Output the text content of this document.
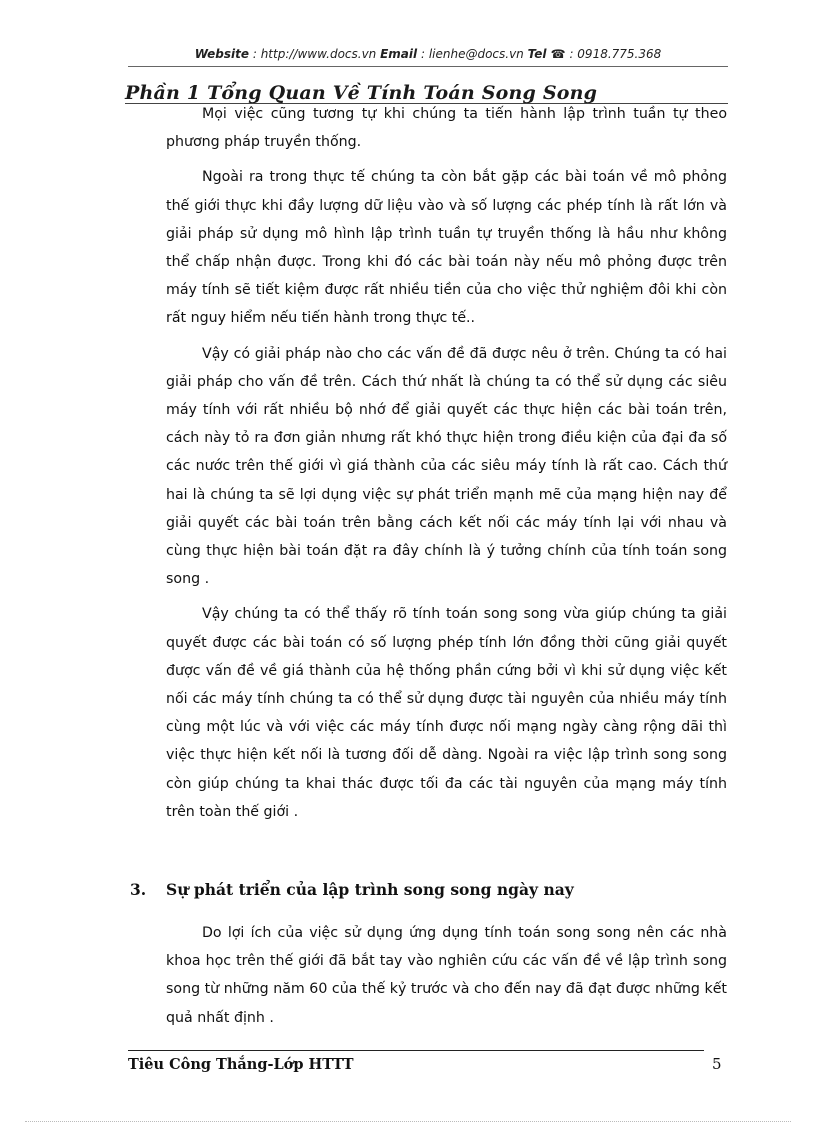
Website : http://www.docs.vn Email : lienhe@docs.vn Tel ☎ : 0918.775.368
Phần 1 Tổng Quan Về Tính Toán Song Song

Mọi việc cũng tương tự khi chúng ta tiến hành lập trình tuần tự theo phương pháp truyền thống.

Ngoài ra trong thực tế chúng ta còn bắt gặp các bài toán về mô phỏng thế giới thực khi đầy lượng dữ liệu vào và số lượng các phép tính là rất lớn và giải pháp sử dụng mô hình lập trình tuần tự truyền thống là hầu như không thể chấp nhận được. Trong khi đó các bài toán này nếu mô phỏng được trên máy tính sẽ tiết kiệm được rất nhiều tiền của cho việc thử nghiệm đôi khi còn rất nguy hiểm nếu tiến hành trong thực tế..

Vậy có giải pháp nào cho các vấn đề đã được nêu ở trên. Chúng ta có hai giải pháp cho vấn đề trên. Cách thứ nhất là chúng ta có thể sử dụng các siêu máy tính với rất nhiều bộ nhớ để giải quyết các thực hiện các bài toán trên, cách này tỏ ra đơn giản nhưng rất khó thực hiện trong điều kiện của đại đa số các nước trên thế giới vì giá thành của các siêu máy tính là rất cao. Cách thứ hai là chúng ta sẽ lợi dụng việc sự phát triển mạnh mẽ của mạng hiện nay để giải quyết các bài toán trên bằng cách kết nối các máy tính lại với nhau và cùng thực hiện bài toán đặt ra đây chính là ý tưởng chính của tính toán song song .

Vậy chúng ta có thể thấy rõ tính toán song song vừa giúp chúng ta giải quyết được các bài toán có số lượng phép tính lớn đồng thời cũng giải quyết được vấn đề về giá thành của hệ thống phần cứng bởi vì khi sử dụng việc kết nối các máy tính chúng ta có thể sử dụng được tài nguyên của nhiều máy tính cùng một lúc và với việc các máy tính được nối mạng ngày càng rộng dãi thì việc thực hiện kết nối là tương đối dễ dàng. Ngoài ra việc lập trình song song còn giúp chúng ta khai thác được tối đa các tài nguyên của mạng máy tính trên toàn thế giới .

3. Sự phát triển của lập trình song song ngày nay

Do lợi ích của việc sử dụng ứng dụng tính toán song song nên các nhà khoa học trên thế giới đã bắt tay vào nghiên cứu các vấn đề về lập trình song song từ những năm 60 của thế kỷ trước và cho đến nay đã đạt được những kết quả nhất định .

Tiêu Công Thắng-Lớp HTTT	5
